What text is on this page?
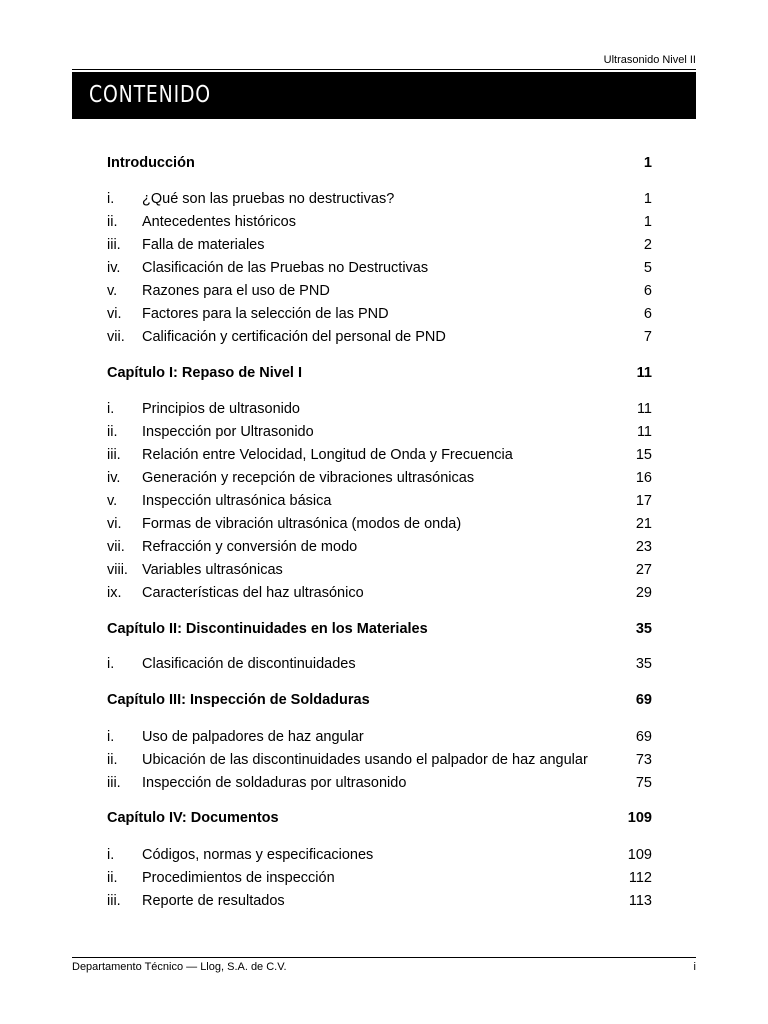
Ultrasonido Nivel II
CONTENIDO
Introducción	1
i. ¿Qué son las pruebas no destructivas?	1
ii. Antecedentes históricos	1
iii. Falla de materiales	2
iv. Clasificación de las Pruebas no Destructivas	5
v. Razones para el uso de PND	6
vi. Factores para la selección de las PND	6
vii. Calificación y certificación del personal de PND	7
Capítulo I: Repaso de Nivel I	11
i. Principios de ultrasonido	11
ii. Inspección por Ultrasonido	11
iii. Relación entre Velocidad, Longitud de Onda y Frecuencia	15
iv. Generación y recepción de vibraciones ultrasónicas	16
v. Inspección ultrasónica básica	17
vi. Formas de vibración ultrasónica (modos de onda)	21
vii. Refracción y conversión de modo	23
viii. Variables ultrasónicas	27
ix. Características del haz ultrasónico	29
Capítulo II: Discontinuidades en los Materiales	35
i. Clasificación de discontinuidades	35
Capítulo III: Inspección de Soldaduras	69
i. Uso de palpadores de haz angular	69
ii. Ubicación de las discontinuidades usando el palpador de haz angular	73
iii. Inspección de soldaduras por ultrasonido	75
Capítulo IV: Documentos	109
i. Códigos, normas y especificaciones	109
ii. Procedimientos de inspección	112
iii. Reporte de resultados	113
Departamento Técnico — Llog, S.A. de C.V.	i
